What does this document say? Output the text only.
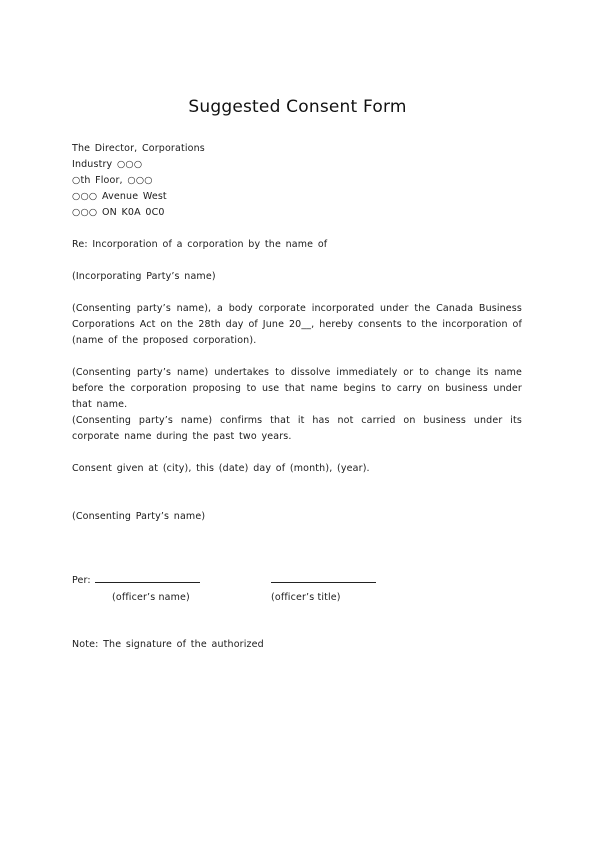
Suggested Consent Form
The Director, Corporations
Industry ○○○
○th Floor, ○○○
○○○ Avenue West
○○○ ON K0A 0C0
Re: Incorporation of a corporation by the name of
(Incorporating Party’s name)
(Consenting party’s name), a body corporate incorporated under the Canada Business Corporations Act on the 28th day of June 20__, hereby consents to the incorporation of (name of the proposed corporation).
(Consenting party’s name) undertakes to dissolve immediately or to change its name before the corporation proposing to use that name begins to carry on business under that name.
(Consenting party’s name) confirms that it has not carried on business under its corporate name during the past two years.
Consent given at (city), this (date) day of (month), (year).
(Consenting Party’s name)
Per:
(officer’s name)	(officer’s title)
Note: The signature of the authorized
